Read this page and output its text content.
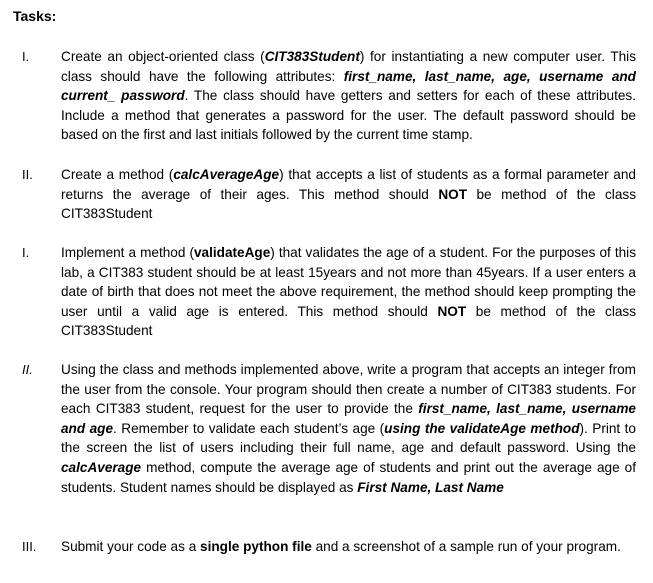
Tasks:
I. Create an object-oriented class (CIT383Student) for instantiating a new computer user. This class should have the following attributes: first_name, last_name, age, username and current_ password. The class should have getters and setters for each of these attributes. Include a method that generates a password for the user. The default password should be based on the first and last initials followed by the current time stamp.
II. Create a method (calcAverageAge) that accepts a list of students as a formal parameter and returns the average of their ages. This method should NOT be method of the class CIT383Student
I. Implement a method (validateAge) that validates the age of a student. For the purposes of this lab, a CIT383 student should be at least 15years and not more than 45years. If a user enters a date of birth that does not meet the above requirement, the method should keep prompting the user until a valid age is entered. This method should NOT be method of the class CIT383Student
II. Using the class and methods implemented above, write a program that accepts an integer from the user from the console. Your program should then create a number of CIT383 students. For each CIT383 student, request for the user to provide the first_name, last_name, username and age. Remember to validate each student’s age (using the validateAge method). Print to the screen the list of users including their full name, age and default password. Using the calcAverage method, compute the average age of students and print out the average age of students. Student names should be displayed as First Name, Last Name
III. Submit your code as a single python file and a screenshot of a sample run of your program.
